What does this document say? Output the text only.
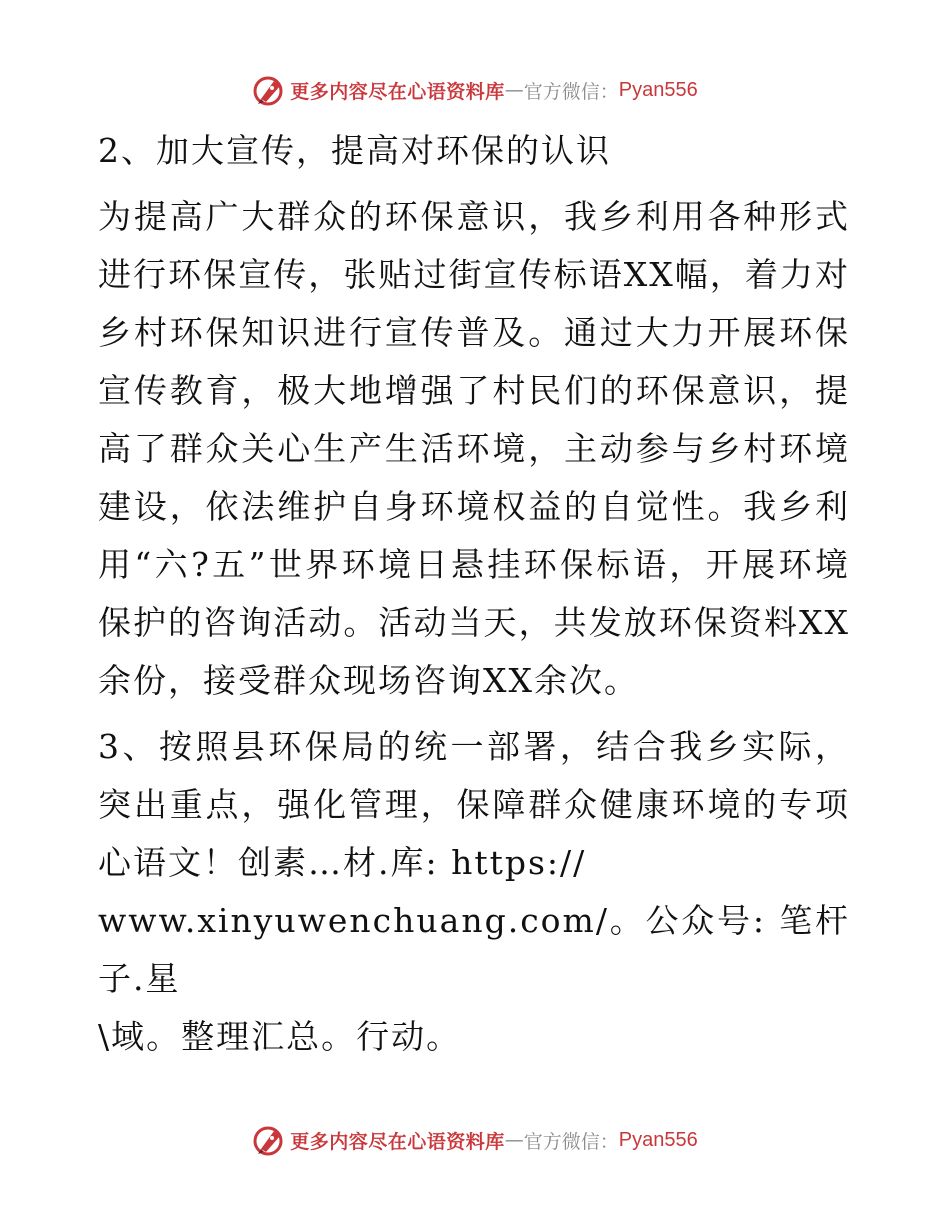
更多内容尽在心语资料库 — 官方微信： Pyan556

2、加大宣传，提高对环保的认识

为提高广大群众的环保意识，我乡利用各种形式进行环保宣传，张贴过街宣传标语XX幅，着力对乡村环保知识进行宣传普及。通过大力开展环保宣传教育，极大地增强了村民们的环保意识，提高了群众关心生产生活环境，主动参与乡村环境建设，依法维护自身环境权益的自觉性。我乡利用“六?五”世界环境日悬挂环保标语，开展环境保护的咨询活动。活动当天，共发放环保资料XX余份，接受群众现场咨询XX余次。

3、按照县环保局的统一部署，结合我乡实际，突出重点，强化管理，保障群众健康环境的专项心语文！创素…材.库: https://
www.xinyuwenchuang.com/。公众号: 笔杆子.星
\域。整理汇总。行动。

更多内容尽在心语资料库 — 官方微信： Pyan556
